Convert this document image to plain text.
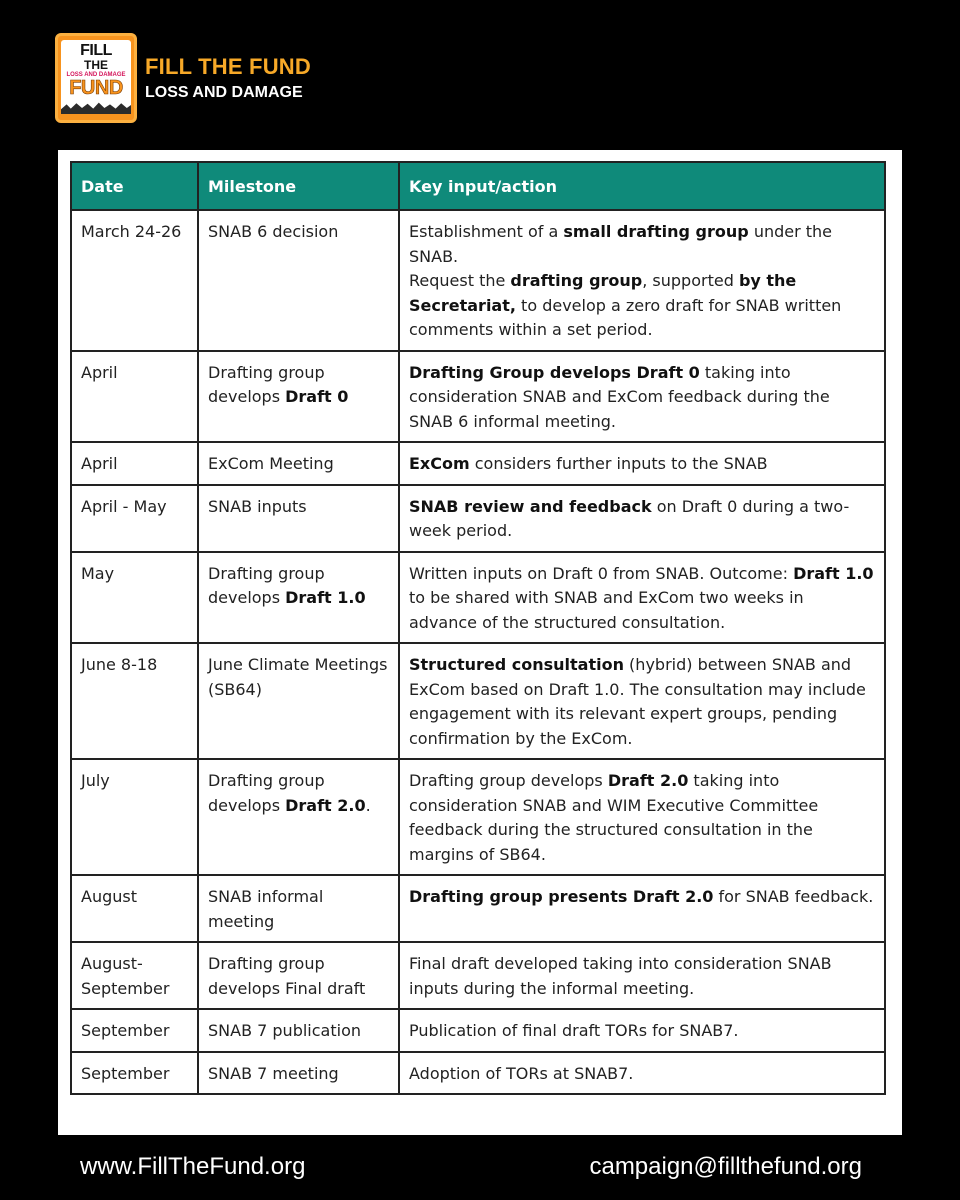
FILL
THE
LOSS AND DAMAGE
FUND
FILL THE FUND
LOSS AND DAMAGE
Date	Milestone	Key input/action
March 24-26	SNAB 6 decision	Establishment of a small drafting group under the SNAB.
Request the drafting group, supported by the Secretariat, to develop a zero draft for SNAB written comments within a set period.
April	Drafting group develops Draft 0	Drafting Group develops Draft 0 taking into consideration SNAB and ExCom feedback during the SNAB 6 informal meeting.
April	ExCom Meeting	ExCom considers further inputs to the SNAB
April - May	SNAB inputs	SNAB review and feedback on Draft 0 during a two-week period.
May	Drafting group develops Draft 1.0	Written inputs on Draft 0 from SNAB. Outcome: Draft 1.0 to be shared with SNAB and ExCom two weeks in advance of the structured consultation.
June 8-18	June Climate Meetings (SB64)	Structured consultation (hybrid) between SNAB and ExCom based on Draft 1.0. The consultation may include engagement with its relevant expert groups, pending confirmation by the ExCom.
July	Drafting group develops Draft 2.0.	Drafting group develops Draft 2.0 taking into consideration SNAB and WIM Executive Committee feedback during the structured consultation in the margins of SB64.
August	SNAB informal meeting	Drafting group presents Draft 2.0 for SNAB feedback.
August-September	Drafting group develops Final draft	Final draft developed taking into consideration SNAB inputs during the informal meeting.
September	SNAB 7 publication	Publication of final draft TORs for SNAB7.
September	SNAB 7 meeting	Adoption of TORs at SNAB7.
www.FillTheFund.org	campaign@fillthefund.org
